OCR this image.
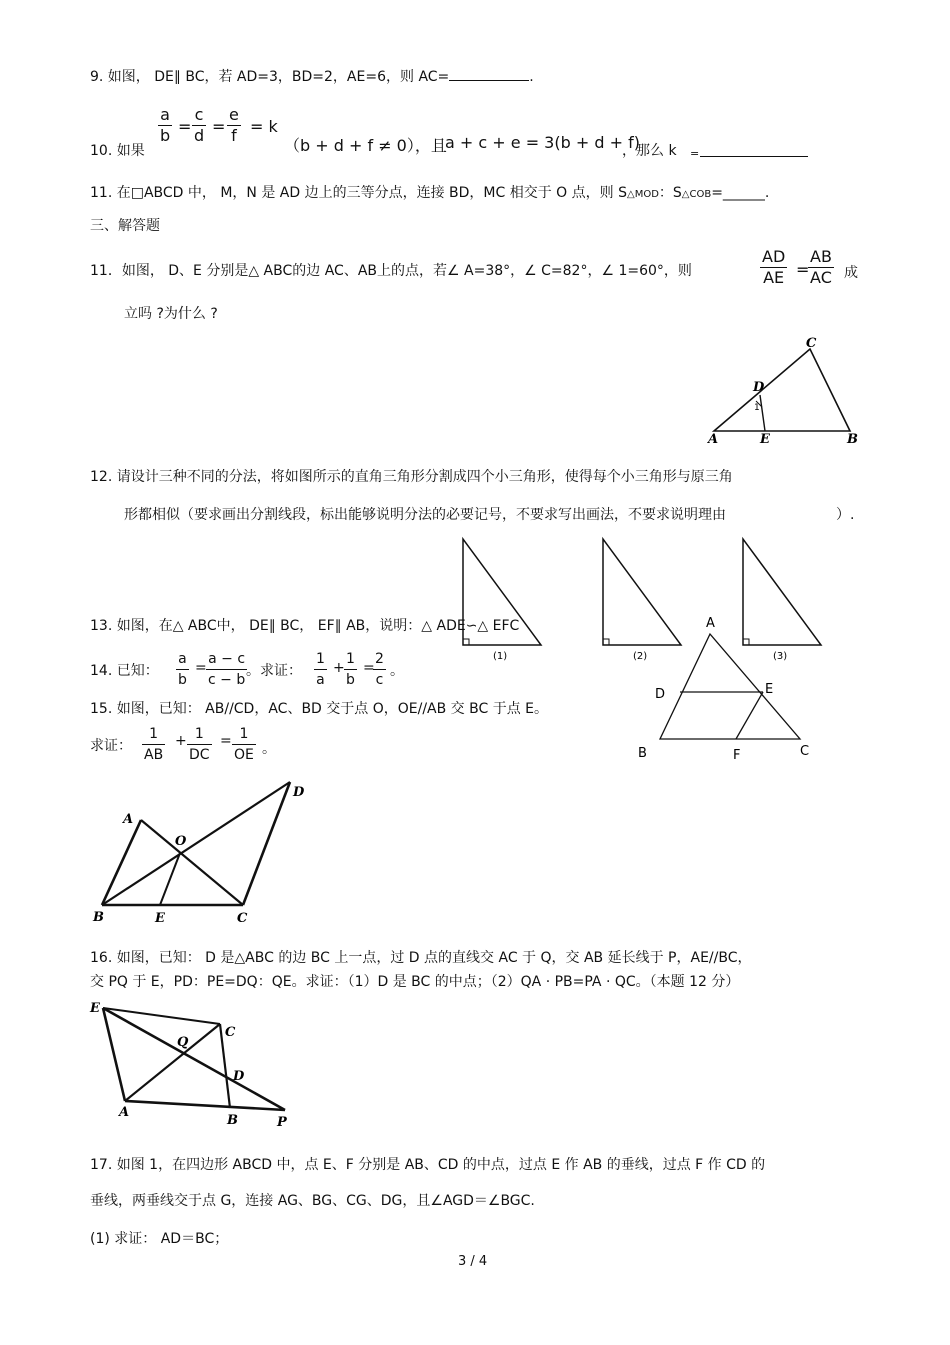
9. 如图， DE∥ BC，若 AD=3，BD=2，AE=6，则 AC=	.
10. 如果
a
b =
c
d =
e
f = k
（b + d + f ≠ 0），且
a + c + e = 3(b + d + f)
，那么 k =
11. 在□ABCD 中， M，N 是 AD 边上的三等分点，连接 BD，MC 相交于 O 点，则 S△MOD：S△COB=______.
三、解答题
11．如图， D、E 分别是△ ABC的边 AC、AB上的点，若∠ A=38°，∠ C=82°，∠ 1=60°，则
AD
AE =
AB
AC 成
立吗 ?为什么 ?
A	B
C
D
E
1
12. 请设计三种不同的分法，将如图所示的直角三角形分割成四个小三角形，使得每个小三角形与原三角
形都相似（要求画出分割线段，标出能够说明分法的必要记号，不要求写出画法，不要求说明理由	）.
(1)	(2)	(3)
13. 如图，在△ ABC中， DE∥ BC， EF∥ AB，说明：△ ADE∽△ EFC	A
B	C
D	E
F
14. 已知：
a
b
=
a − c
c − b
。求证：
1
a
+
1
b
=
2
c
。
15. 如图，已知： AB//CD，AC、BD 交于点 O，OE//AB 交 BC 于点 E。
求证：
1
AB
+ 1
DC
= 1
OE 。
A
B	C
D
E
O
16. 如图，已知： D 是△ABC 的边 BC 上一点，过 D 点的直线交 AC 于 Q，交 AB 延长线于 P，AE//BC，
交 PQ 于 E，PD：PE=DQ：QE。求证：（1）D 是 BC 的中点；（2）QA · PB=PA · QC。（本题 12 分）
E
A
B
C
D
Q
P
17. 如图 1，在四边形 ABCD 中，点 E、F 分别是 AB、CD 的中点，过点 E 作 AB 的垂线，过点 F 作 CD 的
垂线，两垂线交于点 G，连接 AG、BG、CG、DG，且∠AGD＝∠BGC.
(1) 求证： AD＝BC；
3 / 4
